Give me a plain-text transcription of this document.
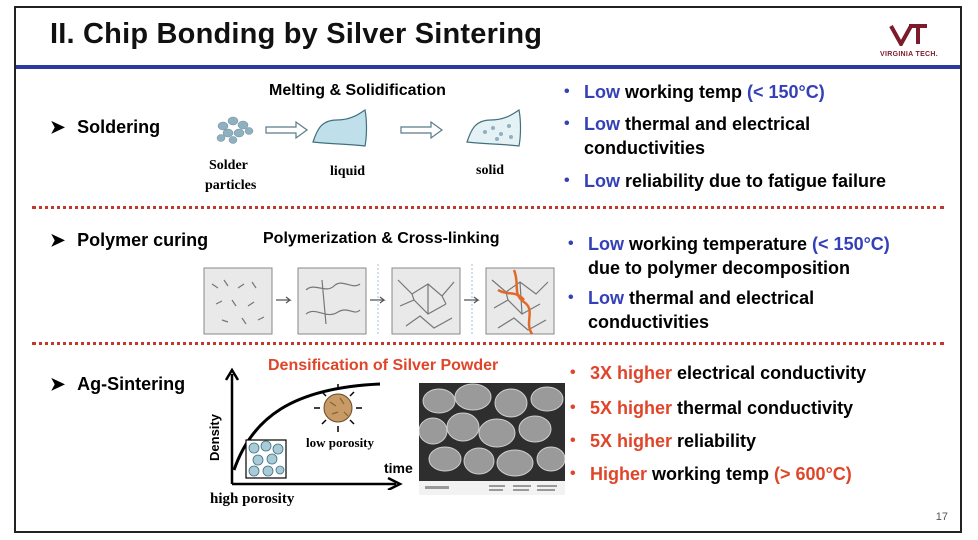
II. Chip Bonding by Silver Sintering
VIRGINIA TECH.
➤ Soldering
Melting & Solidification
Solder
particles
liquid	solid
• Low working temp (< 150°C)
• Low thermal and electrical
conductivities
• Low reliability due to fatigue failure
➤ Polymer curing	Polymerization & Cross-linking	• Low working temperature (< 150°C)
due to polymer decomposition
• Low thermal and electrical
conductivities
➤ Ag-Sintering
Densification of Silver Powder
Density
time
low porosity
high porosity
• 3X higher electrical conductivity
• 5X higher thermal conductivity
• 5X higher reliability
• Higher working temp (> 600°C)
17
